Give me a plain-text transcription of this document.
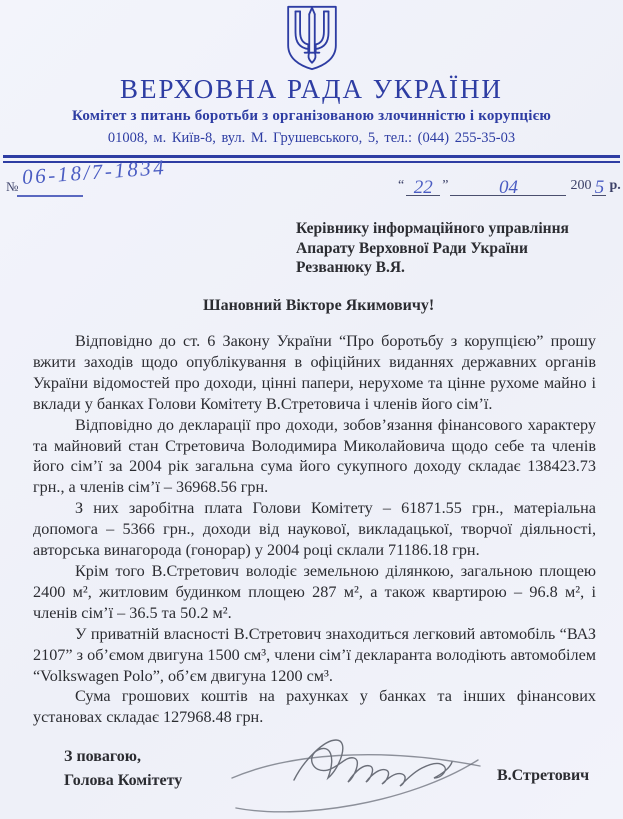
ВЕРХОВНА РАДА УКРАЇНИ
Комітет з питань боротьби з організованою злочинністю і корупцією
01008, м. Київ-8, вул. М. Грушевського, 5, тел.: (044) 255-35-03
№ 06-18/7-1834	“ 22 ”	04	200 5 р.
Керівнику інформаційного управління
Апарату Верховної Ради України
Резванюку В.Я.
Шановний Вікторе Якимовичу!

Відповідно до ст. 6 Закону України “Про боротьбу з корупцією” прошу вжити заходів щодо опублікування в офіційних виданнях державних органів України відомостей про доходи, цінні папери, нерухоме та цінне рухоме майно і вклади у банках Голови Комітету В.Стретовича і членів його сім’ї.

Відповідно до декларації про доходи, зобов’язання фінансового характеру та майновий стан Стретовича Володимира Миколайовича щодо себе та членів його сім’ї за 2004 рік загальна сума його сукупного доходу складає 138423.73 грн., а членів сім’ї – 36968.56 грн.

З них заробітна плата Голови Комітету – 61871.55 грн., матеріальна допомога – 5366 грн., доходи від наукової, викладацької, творчої діяльності, авторська винагорода (гонорар) у 2004 році склали 71186.18 грн.

Крім того В.Стретович володіє земельною ділянкою, загальною площею 2400 м², житловим будинком площею 287 м², а також квартирою – 96.8 м², і членів сім’ї – 36.5 та 50.2 м².

У приватній власності В.Стретович знаходиться легковий автомобіль “ВАЗ 2107” з об’ємом двигуна 1500 см³, члени сім’ї декларанта володіють автомобілем “Volkswagen Polo”, об’єм двигуна 1200 см³.

Сума грошових коштів на рахунках у банках та інших фінансових установах складає 127968.48 грн.

З повагою,
Голова Комітету	В.Стретович
